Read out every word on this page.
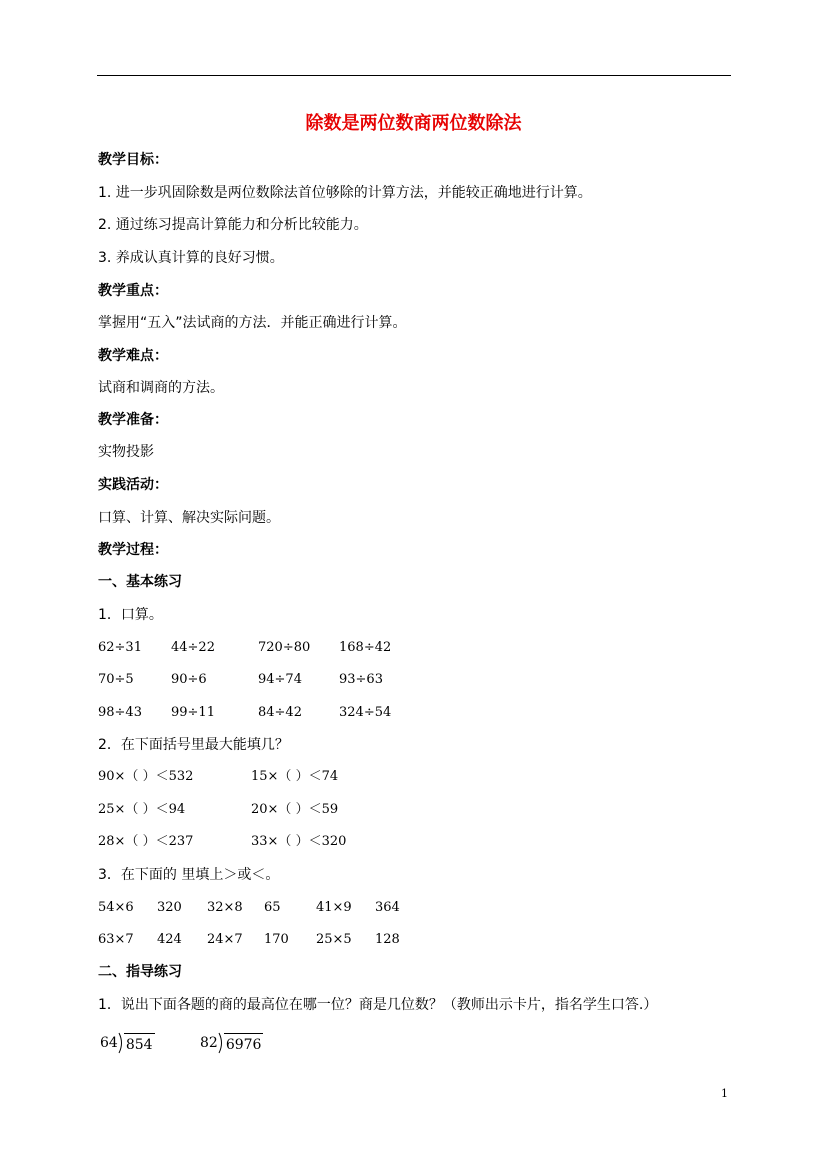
除数是两位数商两位数除法
教学目标：
1. 进一步巩固除数是两位数除法首位够除的计算方法，并能较正确地进行计算。
2. 通过练习提高计算能力和分析比较能力。
3. 养成认真计算的良好习惯。
教学重点：
掌握用“五入”法试商的方法．并能正确进行计算。
教学难点：
试商和调商的方法。
教学准备：
实物投影
实践活动：
口算、计算、解决实际问题。
教学过程：
一、基本练习
1．口算。
62÷31 44÷22	720÷80 168÷42
70÷5	90÷6	94÷74	93÷63
98÷43 99÷11	84÷42	324÷54
2．在下面括号里最大能填几？
90×（ ）＜532	15×（ ）＜74
25×（ ）＜94	20×（ ）＜59
28×（ ）＜237	33×（ ）＜320
3．在下面的 里填上＞或＜。
54×6 320 32×8 65	41×9 364
63×7 424 24×7 170 25×5 128
二、指导练习
1．说出下面各题的商的最高位在哪一位？商是几位数？（教师出示卡片，指名学生口答.）
64 854	82 6976
1
